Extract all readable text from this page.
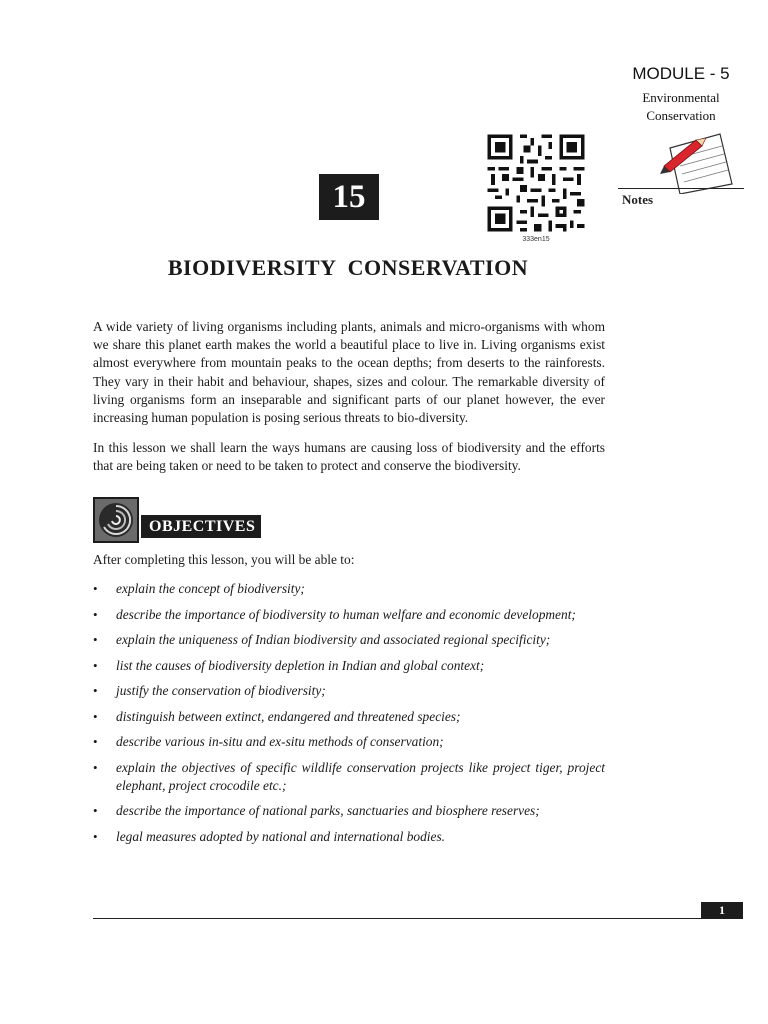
MODULE - 5
Environmental
Conservation
Notes
333en15
15
BIODIVERSITY CONSERVATION

A wide variety of living organisms including plants, animals and micro-organisms with whom we share this planet earth makes the world a beautiful place to live in. Living organisms exist almost everywhere from mountain peaks to the ocean depths; from deserts to the rainforests. They vary in their habit and behaviour, shapes, sizes and colour. The remarkable diversity of living organisms form an inseparable and significant parts of our planet however, the ever increasing human population is posing serious threats to bio-diversity.

In this lesson we shall learn the ways humans are causing loss of biodiversity and the efforts that are being taken or need to be taken to protect and conserve the biodiversity.

OBJECTIVES
After completing this lesson, you will be able to:
• explain the concept of biodiversity;
• describe the importance of biodiversity to human welfare and economic development;
• explain the uniqueness of Indian biodiversity and associated regional specificity;
• list the causes of biodiversity depletion in Indian and global context;
• justify the conservation of biodiversity;
• distinguish between extinct, endangered and threatened species;
• describe various in-situ and ex-situ methods of conservation;
• explain the objectives of specific wildlife conservation projects like project tiger, project elephant, project crocodile etc.;
• describe the importance of national parks, sanctuaries and biosphere reserves;
• legal measures adopted by national and international bodies.
1
